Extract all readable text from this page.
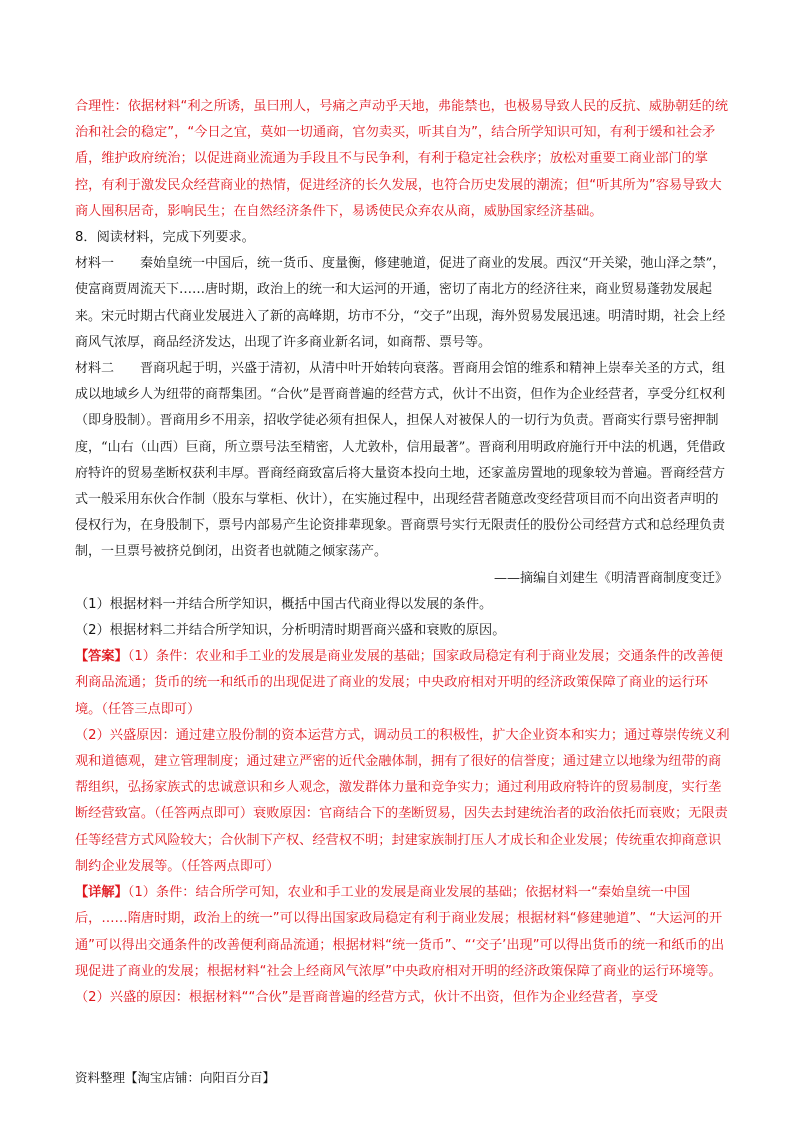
合理性：依据材料“利之所诱，虽曰刑人，号痛之声动乎天地，弗能禁也，也极易导致人民的反抗、威胁朝廷的统治和社会的稳定”，“今日之宜，莫如一切通商，官勿卖买，听其自为”，结合所学知识可知，有利于缓和社会矛盾，维护政府统治；以促进商业流通为手段且不与民争利，有利于稳定社会秩序；放松对重要工商业部门的掌控，有利于激发民众经营商业的热情，促进经济的长久发展，也符合历史发展的潮流；但“听其所为”容易导致大商人囤积居奇，影响民生；在自然经济条件下，易诱使民众弃农从商，威胁国家经济基础。

8．阅读材料，完成下列要求。

材料一　　秦始皇统一中国后，统一货币、度量衡，修建驰道，促进了商业的发展。西汉“开关梁，弛山泽之禁”，使富商贾周流天下……唐时期，政治上的统一和大运河的开通，密切了南北方的经济往来，商业贸易蓬勃发展起来。宋元时期古代商业发展进入了新的高峰期，坊市不分，“交子”出现，海外贸易发展迅速。明清时期，社会上经商风气浓厚，商品经济发达，出现了许多商业新名词，如商帮、票号等。

材料二　　晋商巩起于明，兴盛于清初，从清中叶开始转向衰落。晋商用会馆的维系和精神上崇奉关圣的方式，组成以地域乡人为纽带的商帮集团。“合伙”是晋商普遍的经营方式，伙计不出资，但作为企业经营者，享受分红权利（即身股制）。晋商用乡不用亲，招收学徒必须有担保人，担保人对被保人的一切行为负责。晋商实行票号密押制度，“山右（山西）巨商，所立票号法至精密，人尤敦朴，信用最著”。晋商利用明政府施行开中法的机遇，凭借政府特许的贸易垄断权获利丰厚。晋商经商致富后将大量资本投向土地，还家盖房置地的现象较为普遍。晋商经营方式一般采用东伙合作制（股东与掌柜、伙计），在实施过程中，出现经营者随意改变经营项目而不向出资者声明的侵权行为，在身股制下，票号内部易产生论资排辈现象。晋商票号实行无限责任的股份公司经营方式和总经理负责制，一旦票号被挤兑倒闭，出资者也就随之倾家荡产。

——摘编自刘建生《明清晋商制度变迁》

（1）根据材料一并结合所学知识，概括中国古代商业得以发展的条件。

（2）根据材料二并结合所学知识，分析明清时期晋商兴盛和衰败的原因。

【答案】（1）条件：农业和手工业的发展是商业发展的基础；国家政局稳定有利于商业发展；交通条件的改善便利商品流通；货币的统一和纸币的出现促进了商业的发展；中央政府相对开明的经济政策保障了商业的运行环境。（任答三点即可）

（2）兴盛原因：通过建立股份制的资本运营方式，调动员工的积极性，扩大企业资本和实力；通过尊崇传统义利观和道德观，建立管理制度；通过建立严密的近代金融体制，拥有了很好的信誉度；通过建立以地缘为纽带的商帮组织，弘扬家族式的忠诚意识和乡人观念，激发群体力量和竞争实力；通过利用政府特许的贸易制度，实行垄断经营致富。（任答两点即可）衰败原因：官商结合下的垄断贸易，因失去封建统治者的政治依托而衰败；无限责任等经营方式风险较大；合伙制下产权、经营权不明；封建家族制打压人才成长和企业发展；传统重农抑商意识制约企业发展等。（任答两点即可）

【详解】（1）条件：结合所学可知，农业和手工业的发展是商业发展的基础；依据材料一“秦始皇统一中国后，……隋唐时期，政治上的统一”可以得出国家政局稳定有利于商业发展；根据材料“修建驰道”、“大运河的开通”可以得出交通条件的改善便利商品流通；根据材料“统一货币”、“‘交子’出现”可以得出货币的统一和纸币的出现促进了商业的发展；根据材料“社会上经商风气浓厚”中央政府相对开明的经济政策保障了商业的运行环境等。

（2）兴盛的原因：根据材料““合伙”是晋商普遍的经营方式，伙计不出资，但作为企业经营者，享受

资料整理【淘宝店铺：向阳百分百】
